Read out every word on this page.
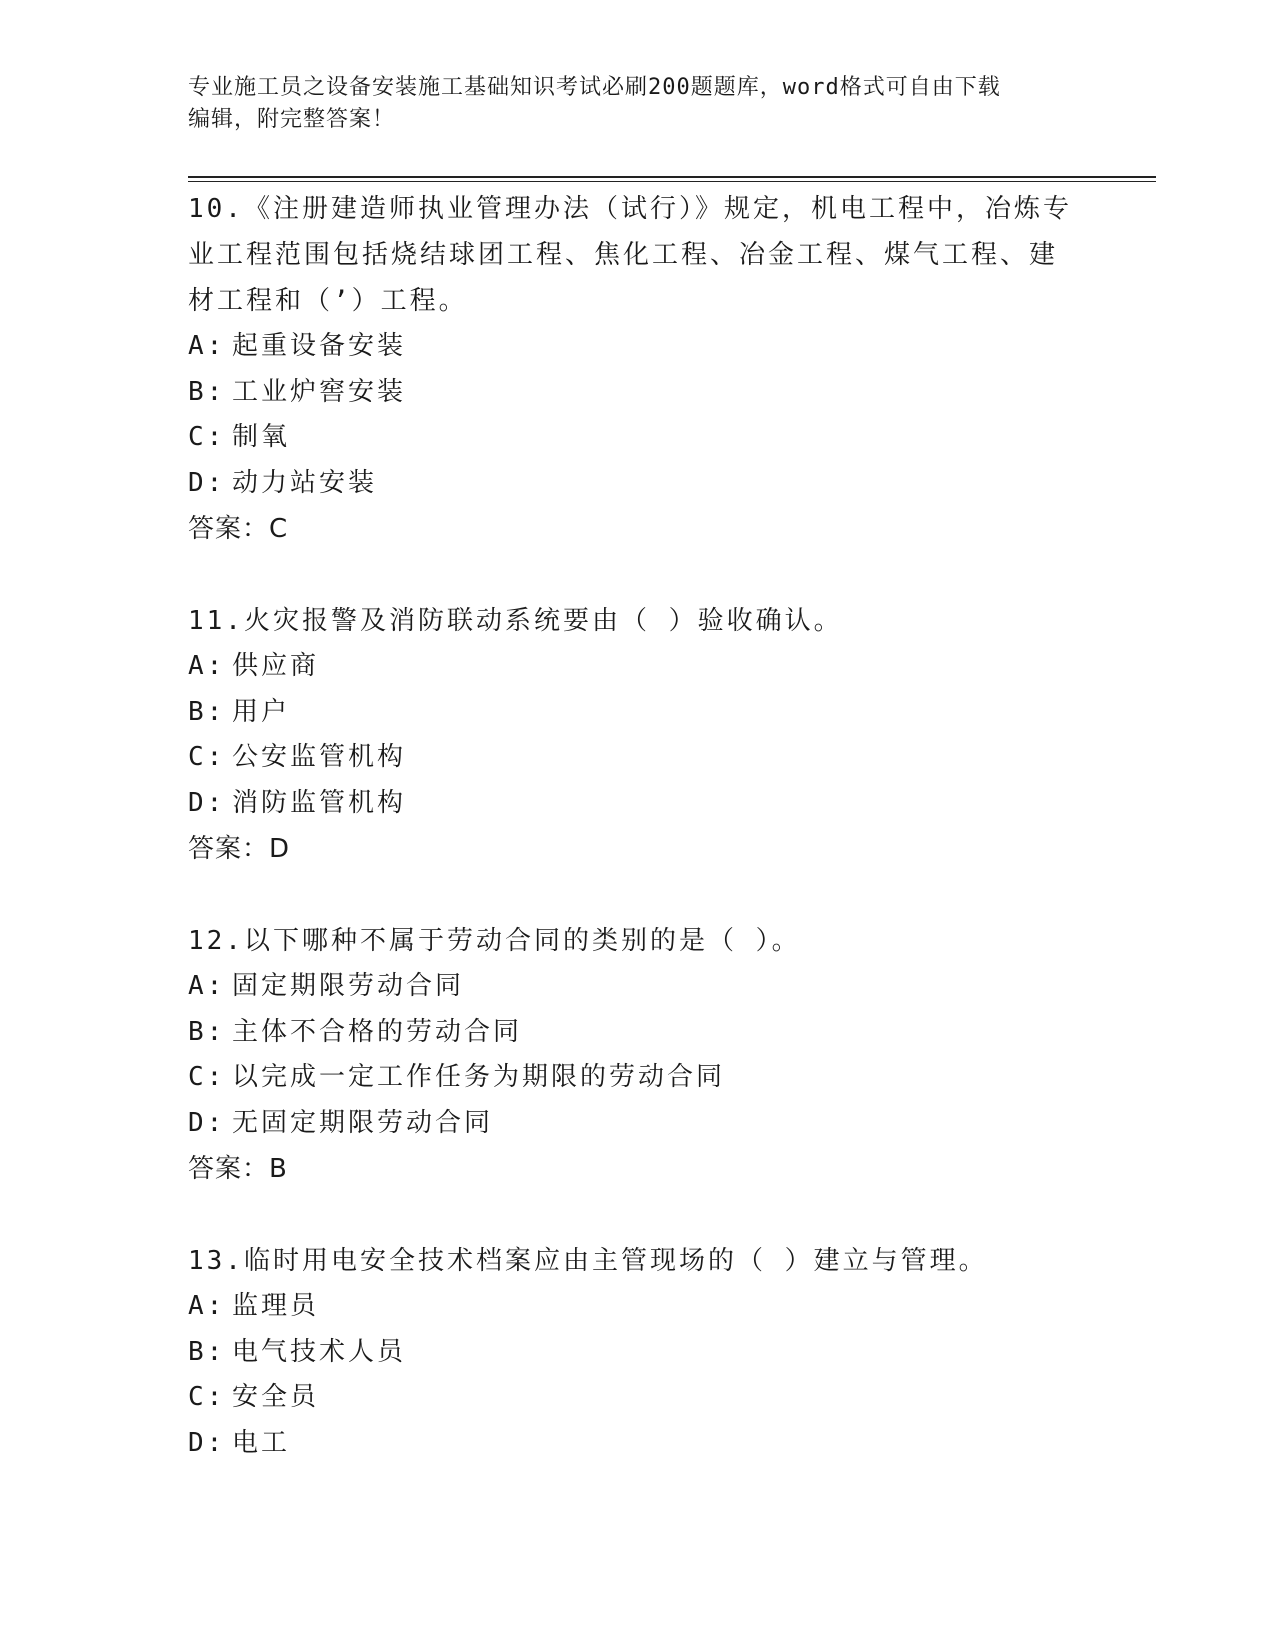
专业施工员之设备安装施工基础知识考试必刷200题题库，word格式可自由下载
编辑，附完整答案！

10.《注册建造师执业管理办法（试行）》规定，机电工程中，冶炼专

业工程范围包括烧结球团工程、焦化工程、冶金工程、煤气工程、建

材工程和（’）工程。

A: 起重设备安装

B: 工业炉窖安装

C: 制氧

D: 动力站安装

答案：C

11.火灾报警及消防联动系统要由（ ）验收确认。

A: 供应商

B: 用户

C: 公安监管机构

D: 消防监管机构

答案：D

12.以下哪种不属于劳动合同的类别的是（ ）。

A: 固定期限劳动合同

B: 主体不合格的劳动合同

C: 以完成一定工作任务为期限的劳动合同

D: 无固定期限劳动合同

答案：B

13.临时用电安全技术档案应由主管现场的（ ）建立与管理。

A: 监理员

B: 电气技术人员

C: 安全员

D: 电工
